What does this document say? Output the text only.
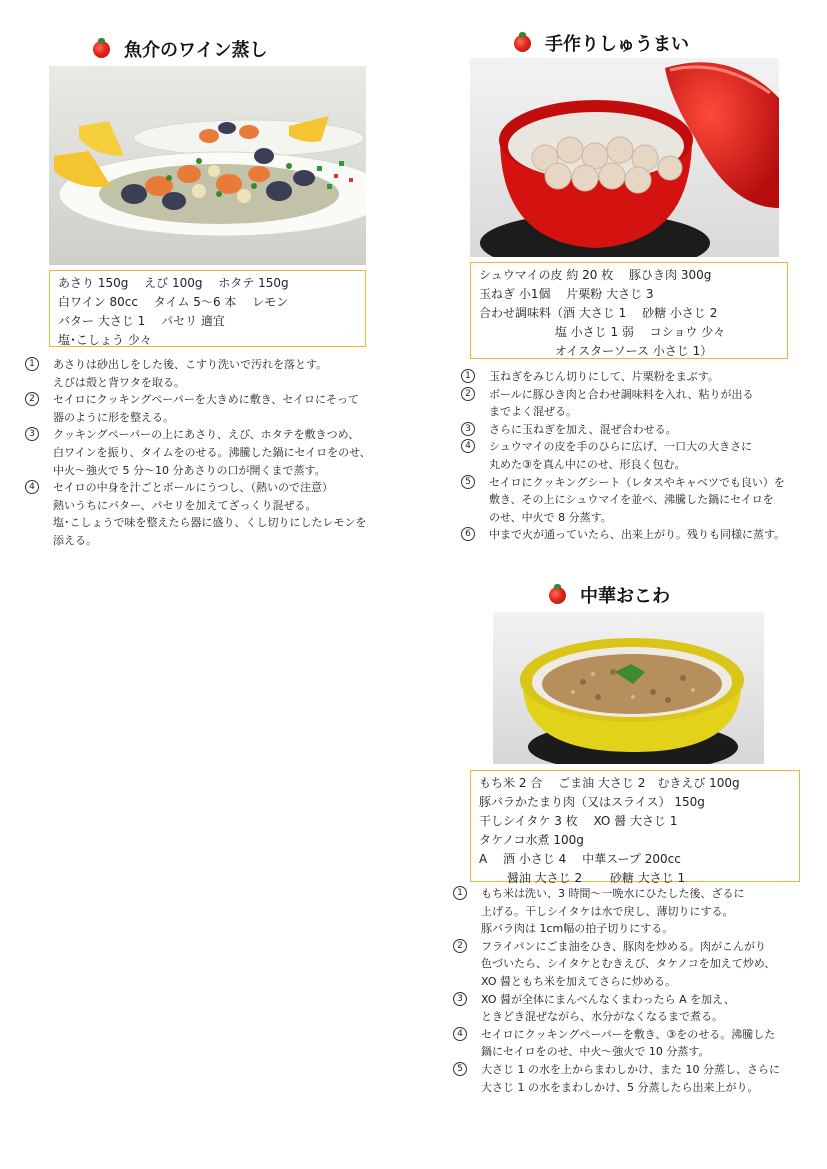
魚介のワイン蒸し
あさり 150g　 えび 100g　 ホタテ 150g
白ワイン 80cc　 タイム 5～6 本　 レモン
バター 大さじ 1　 パセリ 適宜
塩･こしょう 少々
1	あさりは砂出しをした後、こすり洗いで汚れを落とす。
えびは殻と背ワタを取る。
2	セイロにクッキングペーパーを大きめに敷き、セイロにそって
器のように形を整える。
3	クッキングペーパーの上にあさり、えび、ホタテを敷きつめ、
白ワインを振り、タイムをのせる。沸騰した鍋にセイロをのせ、
中火～強火で 5 分～10 分あさりの口が開くまで蒸す。
4	セイロの中身を汁ごとボールにうつし、（熱いので注意）
熱いうちにバター、パセリを加えてざっくり混ぜる。
塩･こしょうで味を整えたら器に盛り、くし切りにしたレモンを
添える。
手作りしゅうまい
シュウマイの皮 約 20 枚　 豚ひき肉 300g
玉ねぎ 小1個　 片栗粉 大さじ 3
合わせ調味料（酒 大さじ 1　 砂糖 小さじ 2
　　　　　　 塩 小さじ 1 弱　 コショウ 少々
　　　　　　 オイスターソース 小さじ 1）
1	玉ねぎをみじん切りにして、片栗粉をまぶす。
2	ボールに豚ひき肉と合わせ調味料を入れ、粘りが出る
までよく混ぜる。
3	さらに玉ねぎを加え、混ぜ合わせる。
4	シュウマイの皮を手のひらに広げ、一口大の大きさに
丸めた③を真ん中にのせ、形良く包む。
5	セイロにクッキングシート（レタスやキャベツでも良い）を
敷き、その上にシュウマイを並べ、沸騰した鍋にセイロを
のせ、中火で 8 分蒸す。
6	中まで火が通っていたら、出来上がり。残りも同様に蒸す。
中華おこわ
もち米 2 合　 ごま油 大さじ 2　むきえび 100g
豚バラかたまり肉（又はスライス） 150g
干しシイタケ 3 枚　 XO 醤 大さじ 1
タケノコ水煮 100g
A　 酒 小さじ 4　 中華スープ 200cc
　　 醤油 大さじ 2　　 砂糖 大さじ 1
1	もち米は洗い、3 時間～一晩水にひたした後、ざるに
上げる。干しシイタケは水で戻し、薄切りにする。
豚バラ肉は 1cm幅の拍子切りにする。
2	フライパンにごま油をひき、豚肉を炒める。肉がこんがり
色づいたら、シイタケとむきえび、タケノコを加えて炒め、
XO 醤ともち米を加えてさらに炒める。
3	XO 醤が全体にまんべんなくまわったら A を加え、
ときどき混ぜながら、水分がなくなるまで煮る。
4	セイロにクッキングペーパーを敷き、③をのせる。沸騰した
鍋にセイロをのせ、中火～強火で 10 分蒸す。
5	大さじ 1 の水を上からまわしかけ、また 10 分蒸し、さらに
大さじ 1 の水をまわしかけ、5 分蒸したら出来上がり。
